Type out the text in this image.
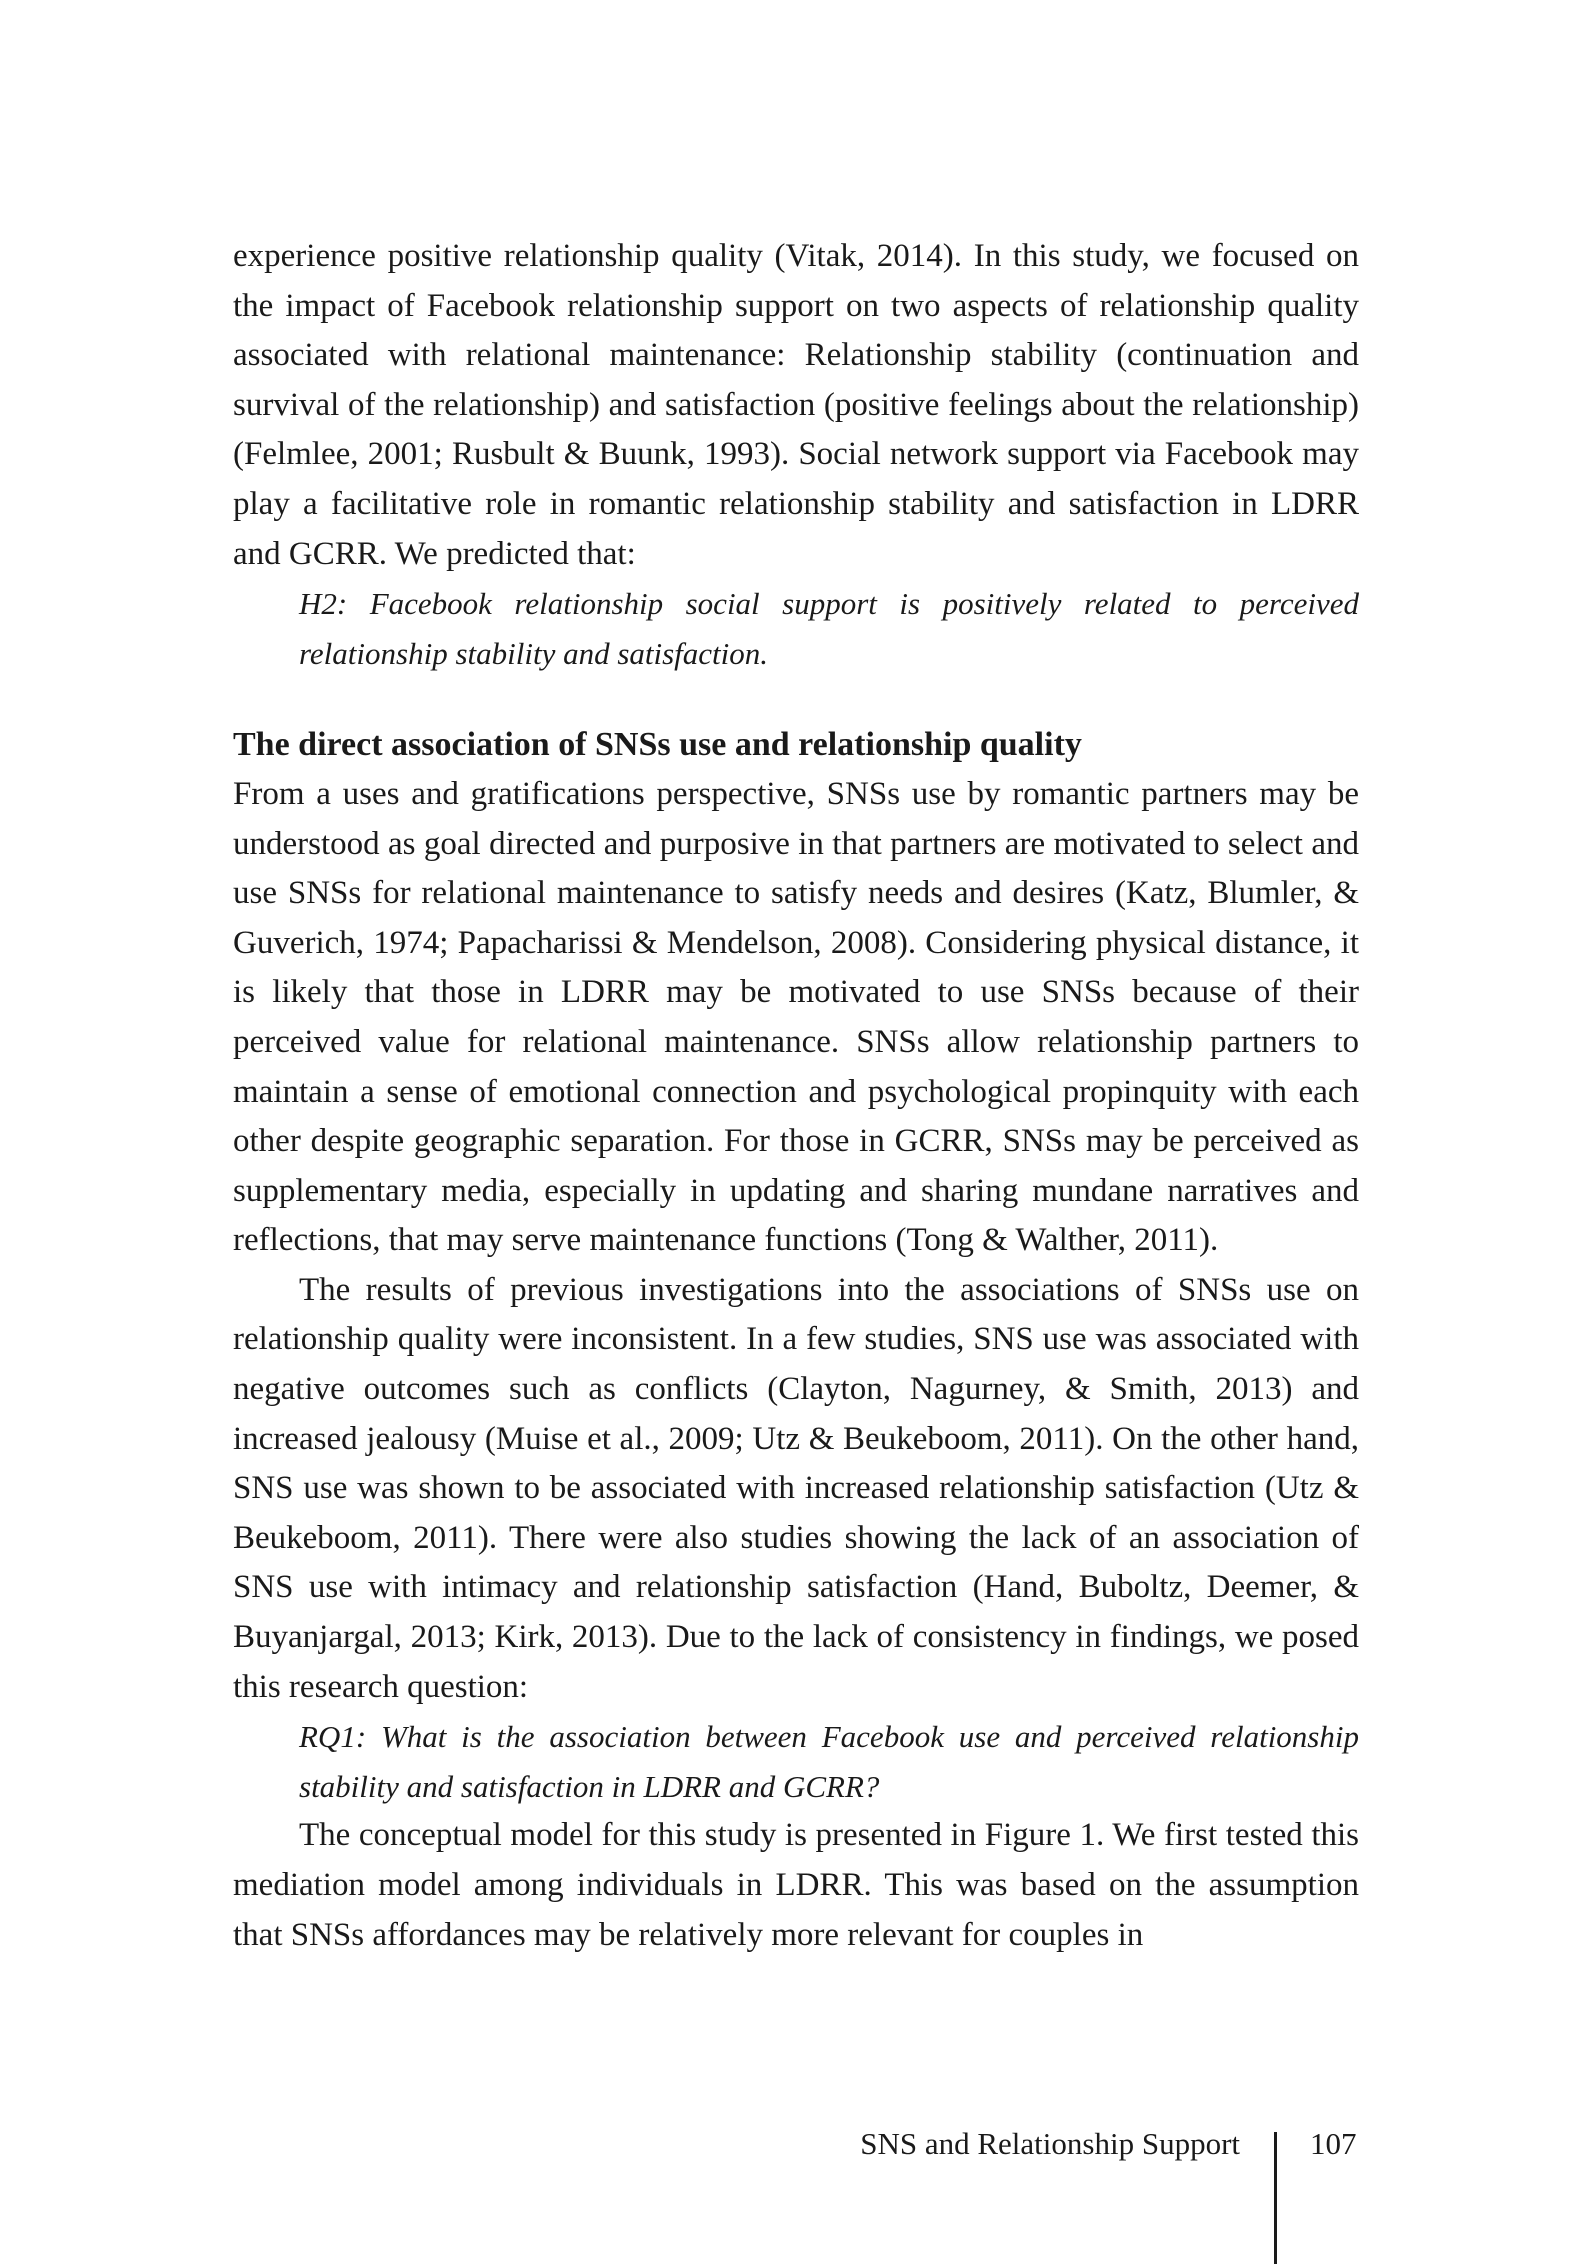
experience positive relationship quality (Vitak, 2014). In this study, we focused on the impact of Facebook relationship support on two aspects of relationship quality associated with relational maintenance: Relationship stability (continuation and survival of the relationship) and satisfaction (positive feelings about the relationship) (Felmlee, 2001; Rusbult & Buunk, 1993). Social network support via Facebook may play a facilitative role in romantic relationship stability and satisfaction in LDRR and GCRR. We predicted that:

H2: Facebook relationship social support is positively related to perceived relationship stability and satisfaction.

The direct association of SNSs use and relationship quality

From a uses and gratifications perspective, SNSs use by romantic partners may be understood as goal directed and purposive in that partners are motivated to select and use SNSs for relational maintenance to satisfy needs and desires (Katz, Blumler, & Guverich, 1974; Papacharissi & Mendelson, 2008). Considering physical distance, it is likely that those in LDRR may be motivated to use SNSs because of their perceived value for relational maintenance. SNSs allow relationship partners to maintain a sense of emotional connection and psychological propinquity with each other despite geographic separation. For those in GCRR, SNSs may be perceived as supplementary media, especially in updating and sharing mundane narratives and reflections, that may serve maintenance functions (Tong & Walther, 2011).

The results of previous investigations into the associations of SNSs use on relationship quality were inconsistent. In a few studies, SNS use was associated with negative outcomes such as conflicts (Clayton, Nagurney, & Smith, 2013) and increased jealousy (Muise et al., 2009; Utz & Beukeboom, 2011). On the other hand, SNS use was shown to be associated with increased relationship satisfaction (Utz & Beukeboom, 2011). There were also studies showing the lack of an association of SNS use with intimacy and relationship satisfaction (Hand, Buboltz, Deemer, & Buyanjargal, 2013; Kirk, 2013). Due to the lack of consistency in findings, we posed this research question:

RQ1: What is the association between Facebook use and perceived relationship stability and satisfaction in LDRR and GCRR?

The conceptual model for this study is presented in Figure 1. We first tested this mediation model among individuals in LDRR. This was based on the assumption that SNSs affordances may be relatively more relevant for couples in

SNS and Relationship Support 107
